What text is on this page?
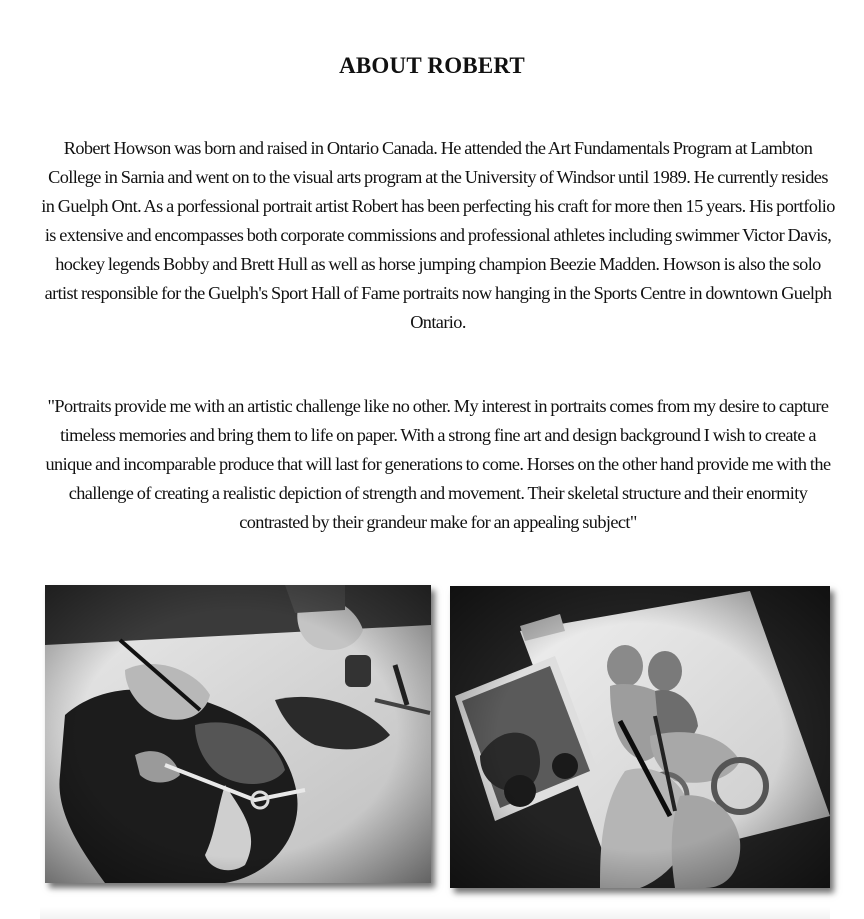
ABOUT ROBERT

Robert Howson was born and raised in Ontario Canada. He attended the Art Fundamentals Program at Lambton College in Sarnia and went on to the visual arts program at the University of Windsor until 1989. He currently resides in Guelph Ont. As a porfessional portrait artist Robert has been perfecting his craft for more then 15 years. His portfolio is extensive and encompasses both corporate commissions and professional athletes including swimmer Victor Davis, hockey legends Bobby and Brett Hull as well as horse jumping champion Beezie Madden. Howson is also the solo artist responsible for the Guelph's Sport Hall of Fame portraits now hanging in the Sports Centre in downtown Guelph Ontario.

"Portraits provide me with an artistic challenge like no other. My interest in portraits comes from my desire to capture timeless memories and bring them to life on paper. With a strong fine art and design background I wish to create a unique and incomparable produce that will last for generations to come. Horses on the other hand provide me with the challenge of creating a realistic depiction of strength and movement. Their skeletal structure and their enormity contrasted by their grandeur make for an appealing subject"
